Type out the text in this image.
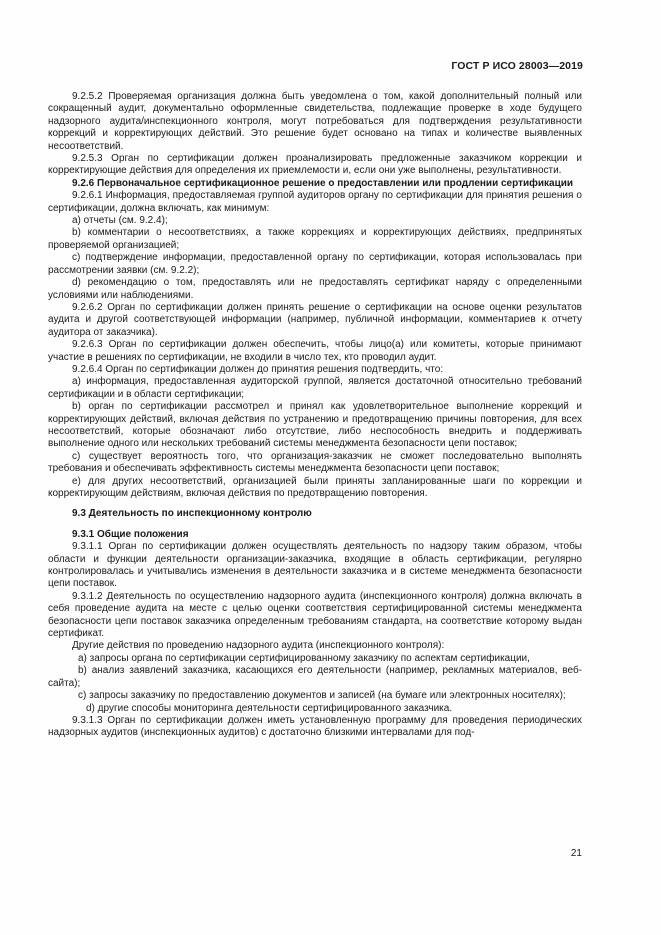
ГОСТ Р ИСО 28003—2019

9.2.5.2 Проверяемая организация должна быть уведомлена о том, какой дополнительный полный или сокращенный аудит, документально оформленные свидетельства, подлежащие проверке в ходе будущего надзорного аудита/инспекционного контроля, могут потребоваться для подтверждения результативности коррекций и корректирующих действий. Это решение будет основано на типах и количестве выявленных несоответствий.

9.2.5.3 Орган по сертификации должен проанализировать предложенные заказчиком коррекции и корректирующие действия для определения их приемлемости и, если они уже выполнены, результативности.

9.2.6 Первоначальное сертификационное решение о предоставлении или продлении сертификации

9.2.6.1 Информация, предоставляемая группой аудиторов органу по сертификации для принятия решения о сертификации, должна включать, как минимум:

a) отчеты (см. 9.2.4);

b) комментарии о несоответствиях, а также коррекциях и корректирующих действиях, предпринятых проверяемой организацией;

c) подтверждение информации, предоставленной органу по сертификации, которая использовалась при рассмотрении заявки (см. 9.2.2);

d) рекомендацию о том, предоставлять или не предоставлять сертификат наряду с определенными условиями или наблюдениями.

9.2.6.2 Орган по сертификации должен принять решение о сертификации на основе оценки результатов аудита и другой соответствующей информации (например, публичной информации, комментариев к отчету аудитора от заказчика).

9.2.6.3 Орган по сертификации должен обеспечить, чтобы лицо(а) или комитеты, которые принимают участие в решениях по сертификации, не входили в число тех, кто проводил аудит.

9.2.6.4 Орган по сертификации должен до принятия решения подтвердить, что:

a) информация, предоставленная аудиторской группой, является достаточной относительно требований сертификации и в области сертификации;

b) орган по сертификации рассмотрел и принял как удовлетворительное выполнение коррекций и корректирующих действий, включая действия по устранению и предотвращению причины повторения, для всех несоответствий, которые обозначают либо отсутствие, либо неспособность внедрить и поддерживать выполнение одного или нескольких требований системы менеджмента безопасности цепи поставок;

c) существует вероятность того, что организация-заказчик не сможет последовательно выполнять требования и обеспечивать эффективность системы менеджмента безопасности цепи поставок;

e) для других несоответствий, организацией были приняты запланированные шаги по коррекции и корректирующим действиям, включая действия по предотвращению повторения.

9.3 Деятельность по инспекционному контролю

9.3.1 Общие положения

9.3.1.1 Орган по сертификации должен осуществлять деятельность по надзору таким образом, чтобы области и функции деятельности организации-заказчика, входящие в область сертификации, регулярно контролировалась и учитывались изменения в деятельности заказчика и в системе менеджмента безопасности цепи поставок.

9.3.1.2 Деятельность по осуществлению надзорного аудита (инспекционного контроля) должна включать в себя проведение аудита на месте с целью оценки соответствия сертифицированной системы менеджмента безопасности цепи поставок заказчика определенным требованиям стандарта, на соответствие которому выдан сертификат.

Другие действия по проведению надзорного аудита (инспекционного контроля):

a) запросы органа по сертификации сертифицированному заказчику по аспектам сертификации,

b) анализ заявлений заказчика, касающихся его деятельности (например, рекламных материалов, веб-сайта);

c) запросы заказчику по предоставлению документов и записей (на бумаге или электронных носителях);

d) другие способы мониторинга деятельности сертифицированного заказчика.

9.3.1.3 Орган по сертификации должен иметь установленную программу для проведения периодических надзорных аудитов (инспекционных аудитов) с достаточно близкими интервалами для под-

21
